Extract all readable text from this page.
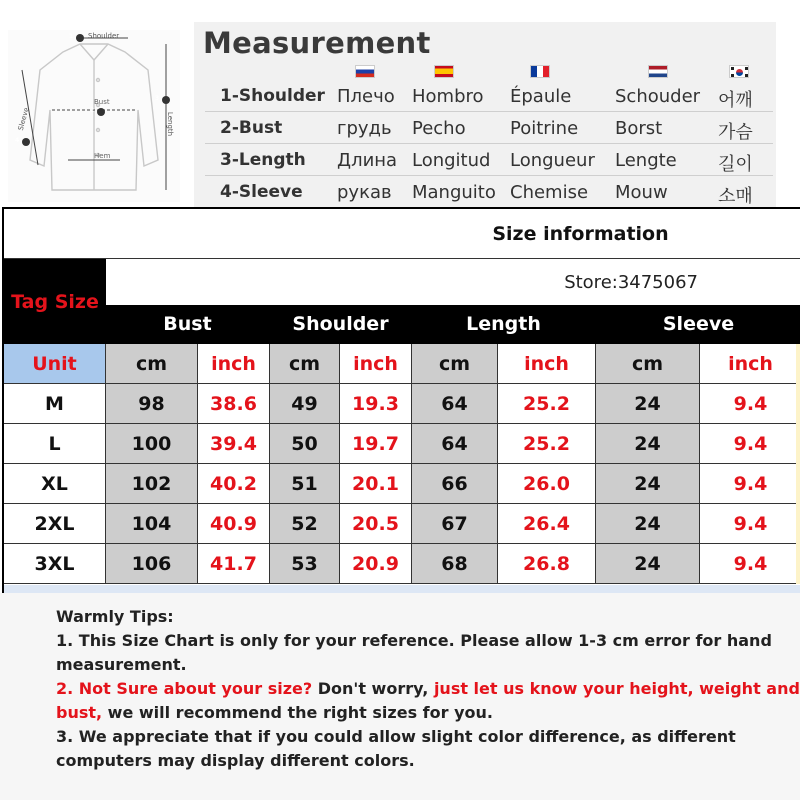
1
2
3
4
Shoulder
Bust
Hem
Length
Sleeve
Measurement
1-Shoulder Плечо Hombro Épaule Schouder 어깨
2-Bust	грудь Pecho Poitrine Borst	가슴
3-Length Длина Longitud Longueur Lengte 길이
4-Sleeve рукав Manguito Chemise Mouw	소매
Size information
Tag Size
Store:3475067
Bust	Shoulder	Length	Sleeve
Unit	cm	inch	cm	inch	cm	inch	cm	inch
M	98	38.6	49	19.3	64	25.2	24	9.4
L	100	39.4	50	19.7	64	25.2	24	9.4
XL	102	40.2	51	20.1	66	26.0	24	9.4
2XL	104	40.9	52	20.5	67	26.4	24	9.4
3XL	106	41.7	53	20.9	68	26.8	24	9.4

Warmly Tips:

1. This Size Chart is only for your reference. Please allow 1-3 cm error for hand

measurement.

2. Not Sure about your size? Don't worry, just let us know your height, weight and

bust, we will recommend the right sizes for you.

3. We appreciate that if you could allow slight color difference, as different

computers may display different colors.
